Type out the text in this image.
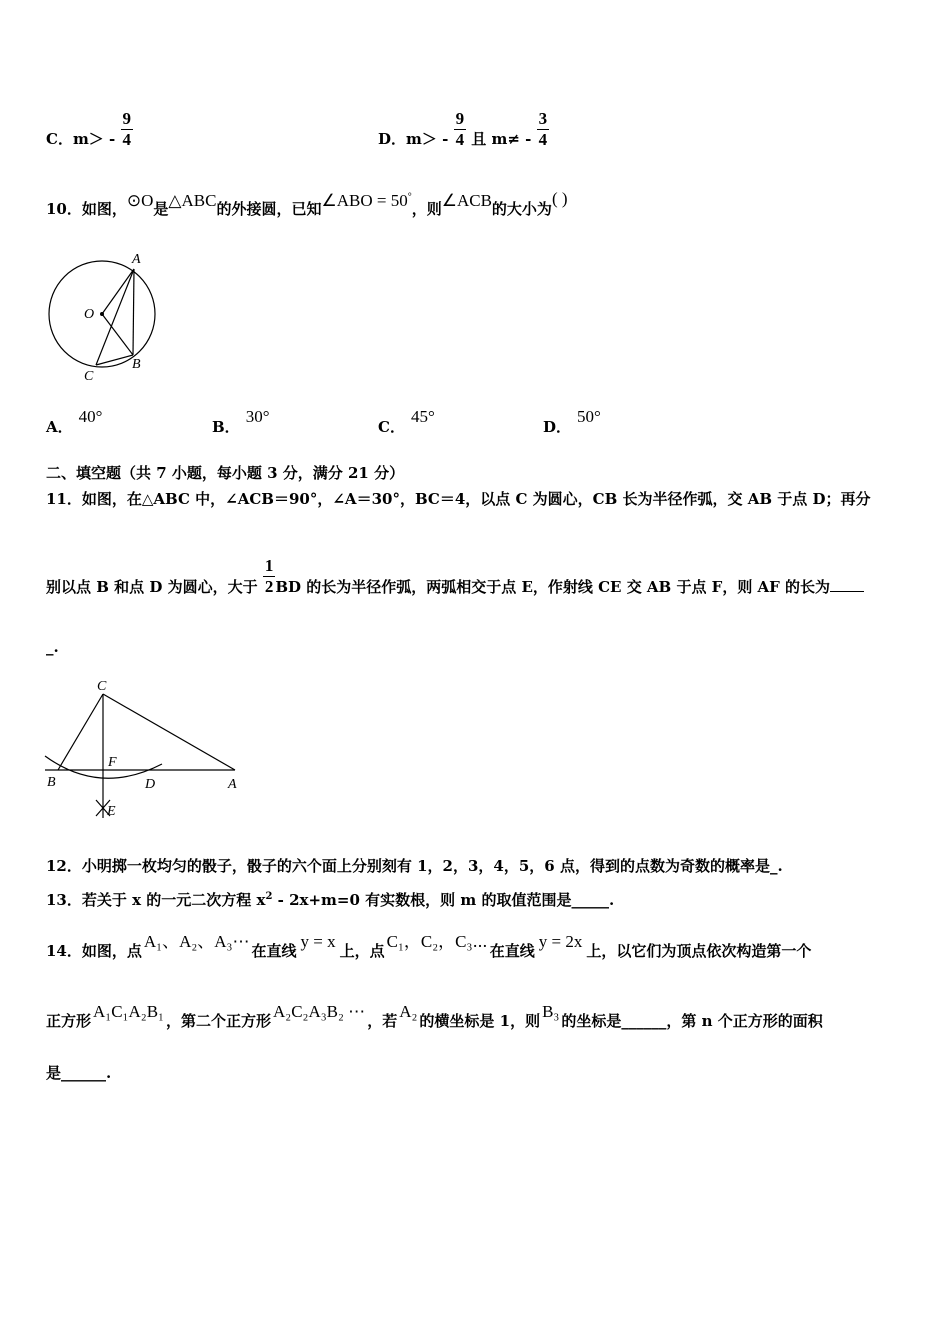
C．$m> - \frac{9}{4}$	D．$m> - \frac{9}{4}$ 且 $m\ne - \frac{3}{4}$
10．如图，⊙O是△ABC的外接圆，已知∠ABO = 50°，则∠ACB的大小为( )
A
B
C
O
A．40°
B．30°
C．45°
D．50°
二、填空题（共 7 小题，每小题 3 分，满分 21 分）
11．如图，在△ABC 中，∠ACB＝90°，∠A＝30°，BC＝4，以点 C 为圆心，CB 长为半径作弧，交 AB 于点 D；再分
别以点 B 和点 D 为圆心，大于 $\frac{1}{2}$ BD 的长为半径作弧，两弧相交于点 E，作射线 CE 交 AB 于点 F，则 AF 的长为
_.
C
F
B	D	A
E
12．小明掷一枚均匀的骰子，骰子的六个面上分别刻有 1，2，3，4，5，6 点，得到的点数为奇数的概率是_.
13．若关于 x 的一元二次方程 $x^2 - 2x+m=0$ 有实数根，则 m 的取值范围是_____.
14．如图，点 A₁、A₂、A₃⋯ 在直线 y = x 上，点 C₁，C₂，C₃⋯ 在直线 y = 2x 上，以它们为顶点依次构造第一个
正方形 A₁C₁A₂B₁ ，第二个正方形 A₂C₂A₃B₂ ⋯ ，若 A₂ 的横坐标是 1，则 B₃ 的坐标是______，第 n 个正方形的面积
是______.
